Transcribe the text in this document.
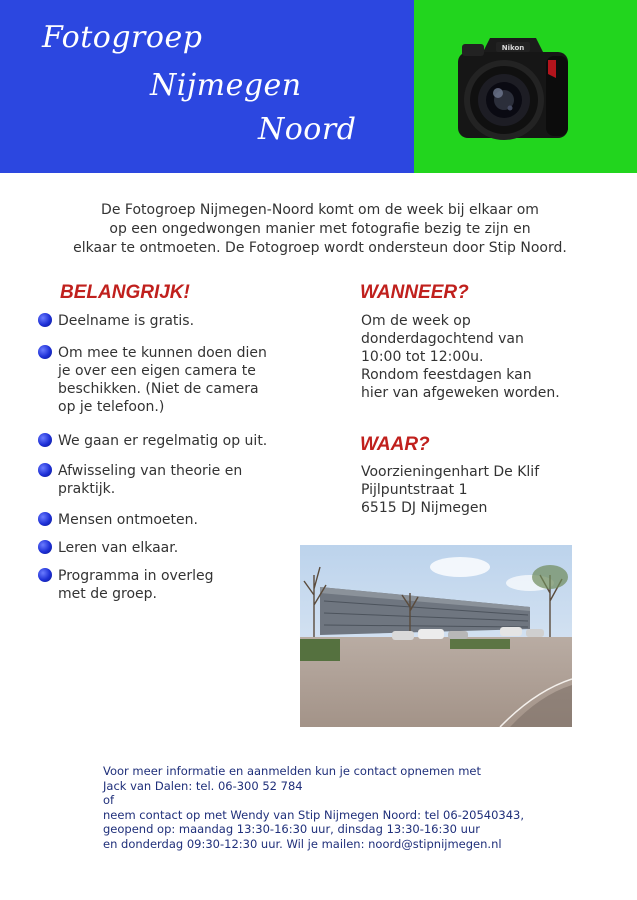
Fotogroep
Nijmegen
Noord
Nikon
De Fotogroep Nijmegen-Noord komt om de week bij elkaar om
op een ongedwongen manier met fotografie bezig te zijn en
elkaar te ontmoeten. De Fotogroep wordt ondersteun door Stip Noord.
BELANGRIJK!
Deelname is gratis.
Om mee te kunnen doen dien je over een eigen camera te beschikken. (Niet de camera op je telefoon.)
We gaan er regelmatig op uit.
Afwisseling van theorie en praktijk.
Mensen ontmoeten.
Leren van elkaar.
Programma in overleg met de groep.
WANNEER?
Om de week op
donderdagochtend van
10:00 tot 12:00u.
Rondom feestdagen kan
hier van afgeweken worden.
WAAR?
Voorzieningenhart De Klif
Pijlpuntstraat 1
6515 DJ Nijmegen
Voor meer informatie en aanmelden kun je contact opnemen met
Jack van Dalen: tel. 06-300 52 784
of
neem contact op met Wendy van Stip Nijmegen Noord: tel 06-20540343,
geopend op: maandag 13:30-16:30 uur, dinsdag 13:30-16:30 uur
en donderdag 09:30-12:30 uur. Wil je mailen: noord@stipnijmegen.nl
